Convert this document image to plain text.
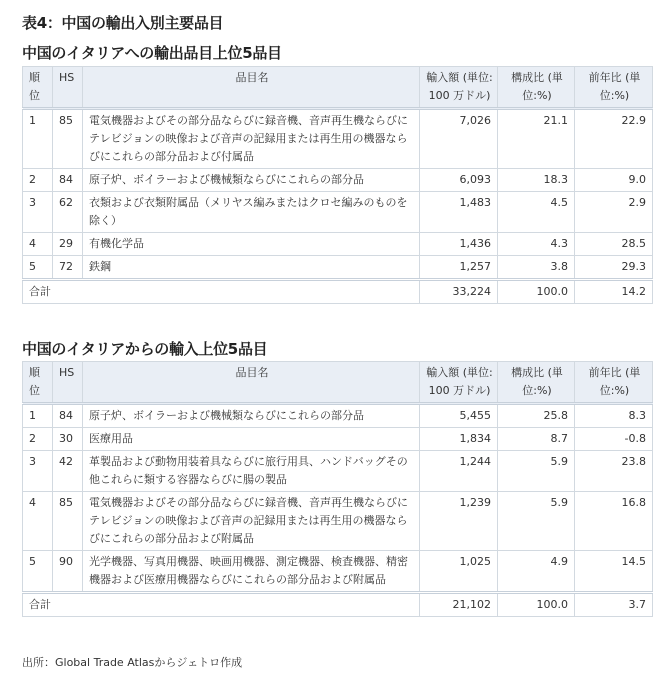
表4：中国の輸出入別主要品目
中国のイタリアへの輸出品目上位5品目
順位	HS	品目名	輸入額 (単位:100 万ドル)	構成比 (単位:%)	前年比 (単位:%)
1	85	電気機器およびその部分品ならびに録音機、音声再生機ならびにテレビジョンの映像および音声の記録用または再生用の機器ならびにこれらの部分品および付属品	7,026	21.1	22.9
2	84	原子炉、ボイラーおよび機械類ならびにこれらの部分品	6,093	18.3	9.0
3	62	衣類および衣類附属品（メリヤス編みまたはクロセ編みのものを除く）	1,483	4.5	2.9
4	29	有機化学品	1,436	4.3	28.5
5	72	鉄鋼	1,257	3.8	29.3
合計			33,224	100.0	14.2
中国のイタリアからの輸入上位5品目
順位	HS	品目名	輸入額 (単位:100 万ドル)	構成比 (単位:%)	前年比 (単位:%)
1	84	原子炉、ボイラーおよび機械類ならびにこれらの部分品	5,455	25.8	8.3
2	30	医療用品	1,834	8.7	-0.8
3	42	革製品および動物用装着具ならびに旅行用具、ハンドバッグその他これらに類する容器ならびに腸の製品	1,244	5.9	23.8
4	85	電気機器およびその部分品ならびに録音機、音声再生機ならびにテレビジョンの映像および音声の記録用または再生用の機器ならびにこれらの部分品および附属品	1,239	5.9	16.8
5	90	光学機器、写真用機器、映画用機器、測定機器、検査機器、精密機器および医療用機器ならびにこれらの部分品および附属品	1,025	4.9	14.5
合計			21,102	100.0	3.7
出所：Global Trade Atlasからジェトロ作成
